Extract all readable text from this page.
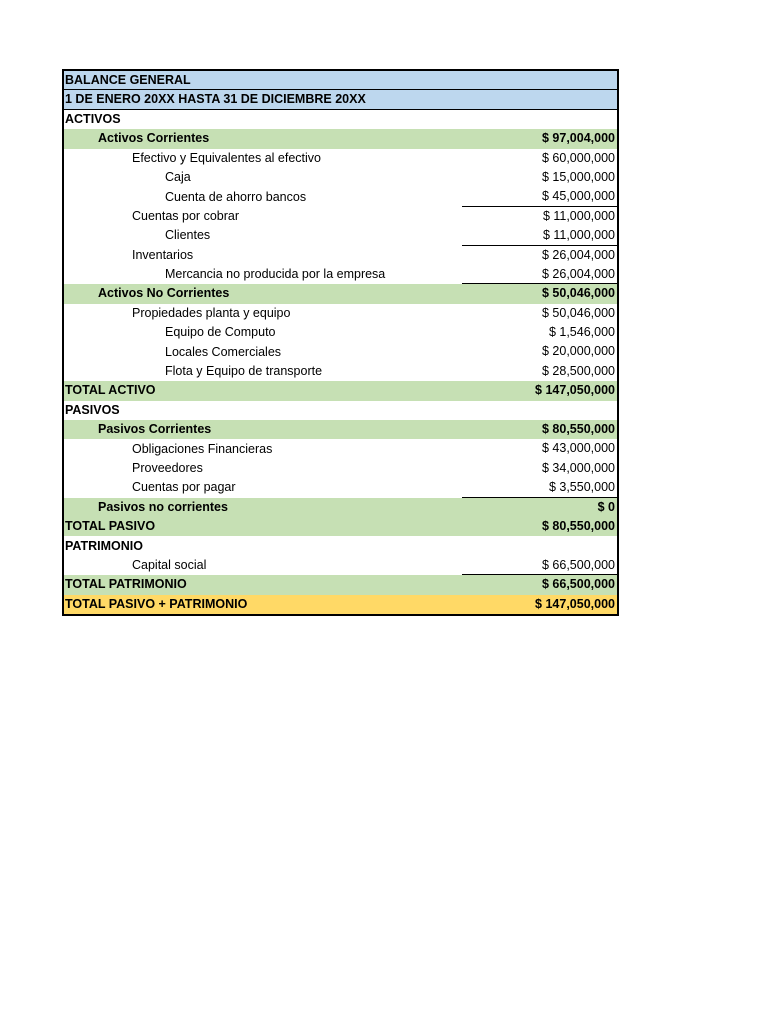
BALANCE GENERAL
1 DE ENERO 20XX HASTA 31 DE DICIEMBRE 20XX
ACTIVOS
Activos Corrientes	$ 97,004,000
Efectivo y Equivalentes al efectivo	$ 60,000,000
Caja	$ 15,000,000
Cuenta de ahorro bancos	$ 45,000,000
Cuentas por cobrar	$ 11,000,000
Clientes	$ 11,000,000
Inventarios	$ 26,004,000
Mercancia no producida por la empresa	$ 26,004,000
Activos No Corrientes	$ 50,046,000
Propiedades planta y equipo	$ 50,046,000
Equipo de Computo	$ 1,546,000
Locales Comerciales	$ 20,000,000
Flota y Equipo de transporte	$ 28,500,000
TOTAL ACTIVO	$ 147,050,000
PASIVOS
Pasivos Corrientes	$ 80,550,000
Obligaciones Financieras	$ 43,000,000
Proveedores	$ 34,000,000
Cuentas por pagar	$ 3,550,000
Pasivos no corrientes	$ 0
TOTAL PASIVO	$ 80,550,000
PATRIMONIO
Capital social	$ 66,500,000
TOTAL PATRIMONIO	$ 66,500,000
TOTAL PASIVO + PATRIMONIO	$ 147,050,000
